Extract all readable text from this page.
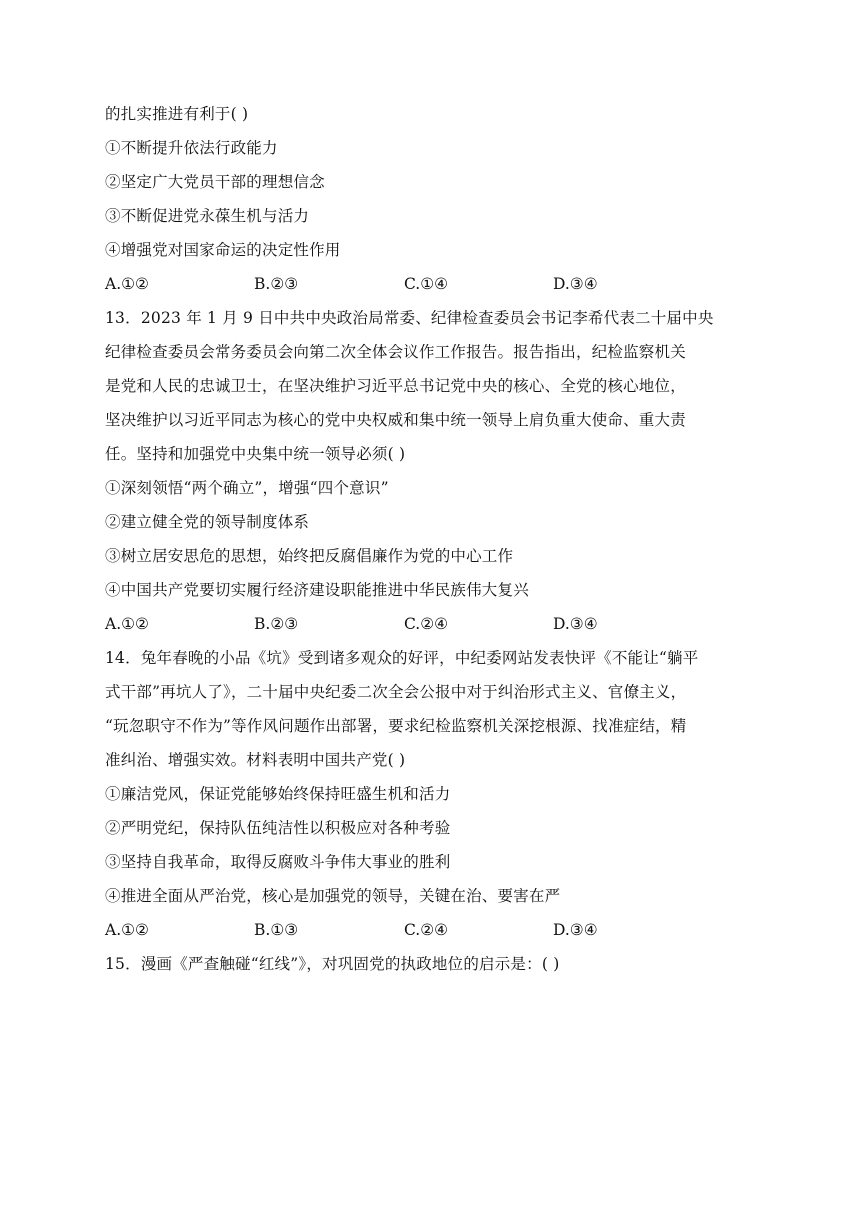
的扎实推进有利于( )
①不断提升依法行政能力
②坚定广大党员干部的理想信念
③不断促进党永葆生机与活力
④增强党对国家命运的决定性作用
A.①②	B.②③	C.①④	D.③④
13．2023 年 1 月 9 日中共中央政治局常委、纪律检查委员会书记李希代表二十届中央
纪律检查委员会常务委员会向第二次全体会议作工作报告。报告指出，纪检监察机关
是党和人民的忠诚卫士，在坚决维护习近平总书记党中央的核心、全党的核心地位，
坚决维护以习近平同志为核心的党中央权威和集中统一领导上肩负重大使命、重大责
任。坚持和加强党中央集中统一领导必须( )
①深刻领悟“两个确立”，增强“四个意识”
②建立健全党的领导制度体系
③树立居安思危的思想，始终把反腐倡廉作为党的中心工作
④中国共产党要切实履行经济建设职能推进中华民族伟大复兴
A.①②	B.②③	C.②④	D.③④
14．兔年春晚的小品《坑》受到诸多观众的好评，中纪委网站发表快评《不能让“躺平
式干部”再坑人了》，二十届中央纪委二次全会公报中对于纠治形式主义、官僚主义，
“玩忽职守不作为”等作风问题作出部署，要求纪检监察机关深挖根源、找准症结，精
准纠治、增强实效。材料表明中国共产党( )
①廉洁党风，保证党能够始终保持旺盛生机和活力
②严明党纪，保持队伍纯洁性以积极应对各种考验
③坚持自我革命，取得反腐败斗争伟大事业的胜利
④推进全面从严治党，核心是加强党的领导，关键在治、要害在严
A.①②	B.①③	C.②④	D.③④
15．漫画《严查触碰“红线”》，对巩固党的执政地位的启示是：( )
